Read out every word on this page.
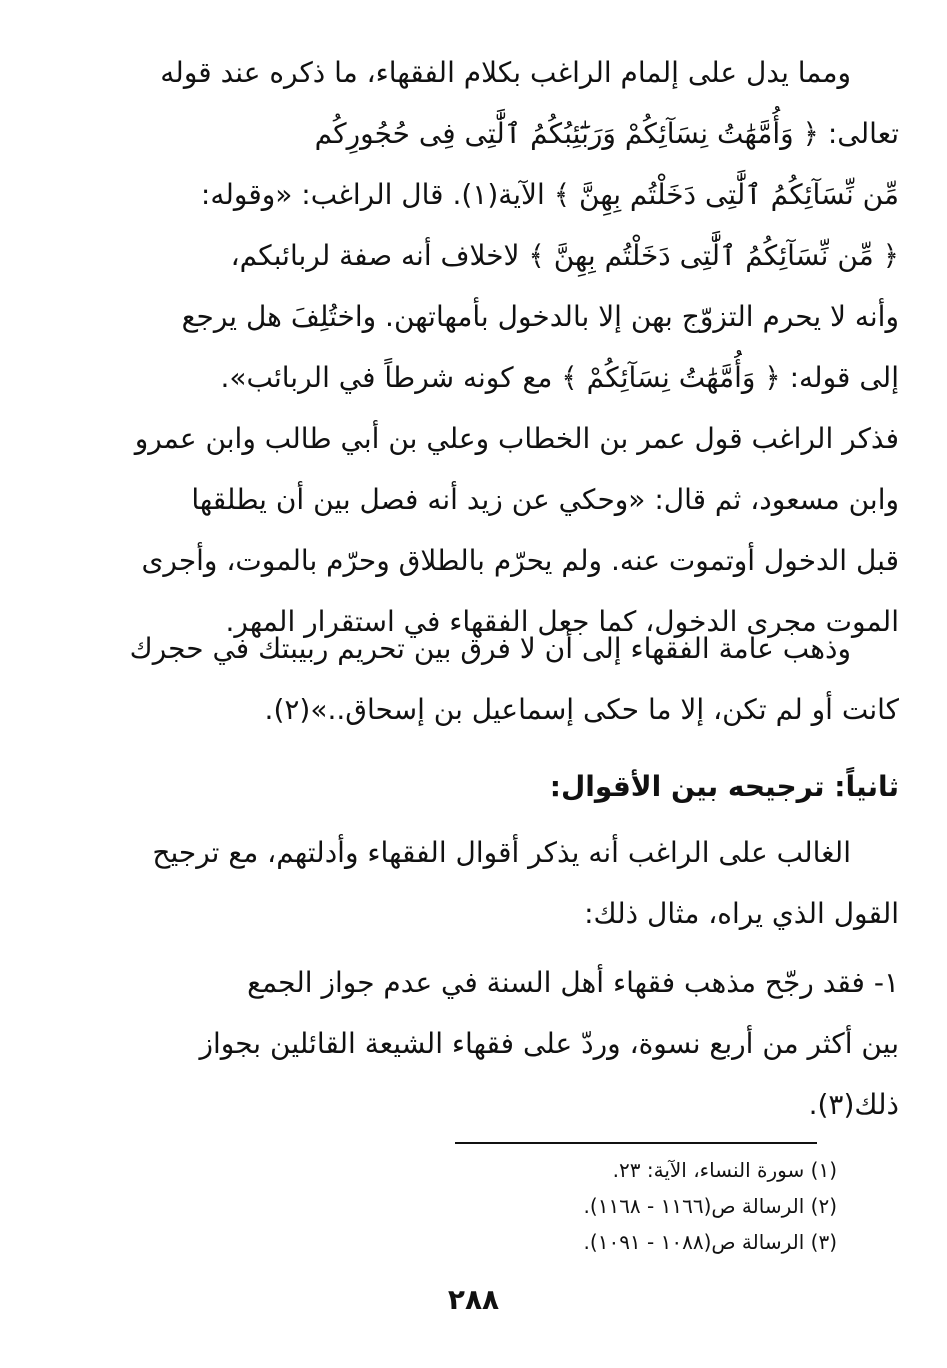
ومما يدل على إلمام الراغب بكلام الفقهاء، ما ذكره عند قوله
تعالى: ﴿ وَأُمَّهَٰتُ نِسَآئِكُمْ وَرَبَٰٓئِبُكُمُ ٱلَّٰتِى فِى حُجُورِكُم
مِّن نِّسَآئِكُمُ ٱلَّٰتِى دَخَلْتُم بِهِنَّ ﴾ الآية(١). قال الراغب: «وقوله:
﴿ مِّن نِّسَآئِكُمُ ٱلَّٰتِى دَخَلْتُم بِهِنَّ ﴾ لاخلاف أنه صفة لربائبكم،
وأنه لا يحرم التزوّج بهن إلا بالدخول بأمهاتهن. واختُلِفَ هل يرجع
إلى قوله: ﴿ وَأُمَّهَٰتُ نِسَآئِكُمْ ﴾ مع كونه شرطاً في الربائب».
فذكر الراغب قول عمر بن الخطاب وعلي بن أبي طالب وابن عمرو
وابن مسعود، ثم قال: «وحكي عن زيد أنه فصل بين أن يطلقها
قبل الدخول أوتموت عنه. ولم يحرّم بالطلاق وحرّم بالموت، وأجرى
الموت مجرى الدخول، كما جعل الفقهاء في استقرار المهر.
وذهب عامة الفقهاء إلى أن لا فرق بين تحريم ربيبتك في حجرك
كانت أو لم تكن، إلا ما حكى إسماعيل بن إسحاق..»(٢).
ثانياً: ترجيحه بين الأقوال:
الغالب على الراغب أنه يذكر أقوال الفقهاء وأدلتهم، مع ترجيح
القول الذي يراه، مثال ذلك:
١- فقد رجّح مذهب فقهاء أهل السنة في عدم جواز الجمع
بين أكثر من أربع نسوة، وردّ على فقهاء الشيعة القائلين بجواز
ذلك(٣).
(١) سورة النساء، الآية: ٢٣.
(٢) الرسالة ص(١١٦٦ - ١١٦٨).
(٣) الرسالة ص(١٠٨٨ - ١٠٩١).
٢٨٨
